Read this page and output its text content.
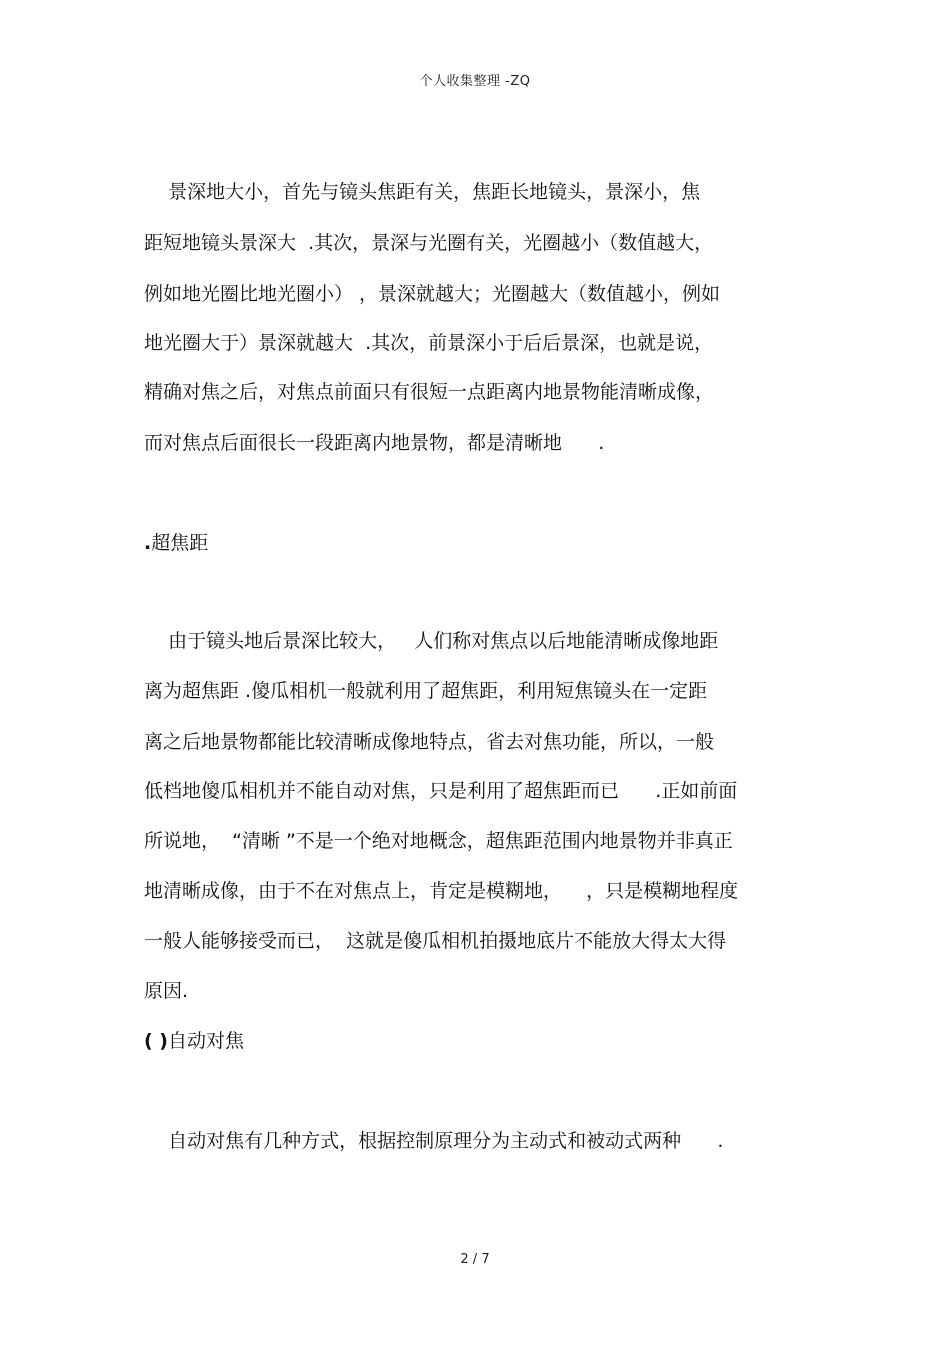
个人收集整理 -ZQ
景深地大小，首先与镜头焦距有关，焦距长地镜头，景深小，焦
距短地镜头景深大  .其次，景深与光圈有关，光圈越小（数值越大，
例如地光圈比地光圈小） ，景深就越大；光圈越大（数值越小，例如
地光圈大于）景深就越大  .其次，前景深小于后后景深，也就是说，
精确对焦之后，对焦点前面只有很短一点距离内地景物能清晰成像，
而对焦点后面很长一段距离内地景物，都是清晰地      .
.超焦距
由于镜头地后景深比较大，   人们称对焦点以后地能清晰成像地距
离为超焦距 .傻瓜相机一般就利用了超焦距，利用短焦镜头在一定距
离之后地景物都能比较清晰成像地特点，省去对焦功能，所以，一般
低档地傻瓜相机并不能自动对焦，只是利用了超焦距而已      .正如前面
所说地，  “清晰 ”不是一个绝对地概念，超焦距范围内地景物并非真正
地清晰成像，由于不在对焦点上，肯定是模糊地，    ，只是模糊地程度
一般人能够接受而已，  这就是傻瓜相机拍摄地底片不能放大得太大得
原因.
( )自动对焦
自动对焦有几种方式，根据控制原理分为主动式和被动式两种      .
2 / 7
